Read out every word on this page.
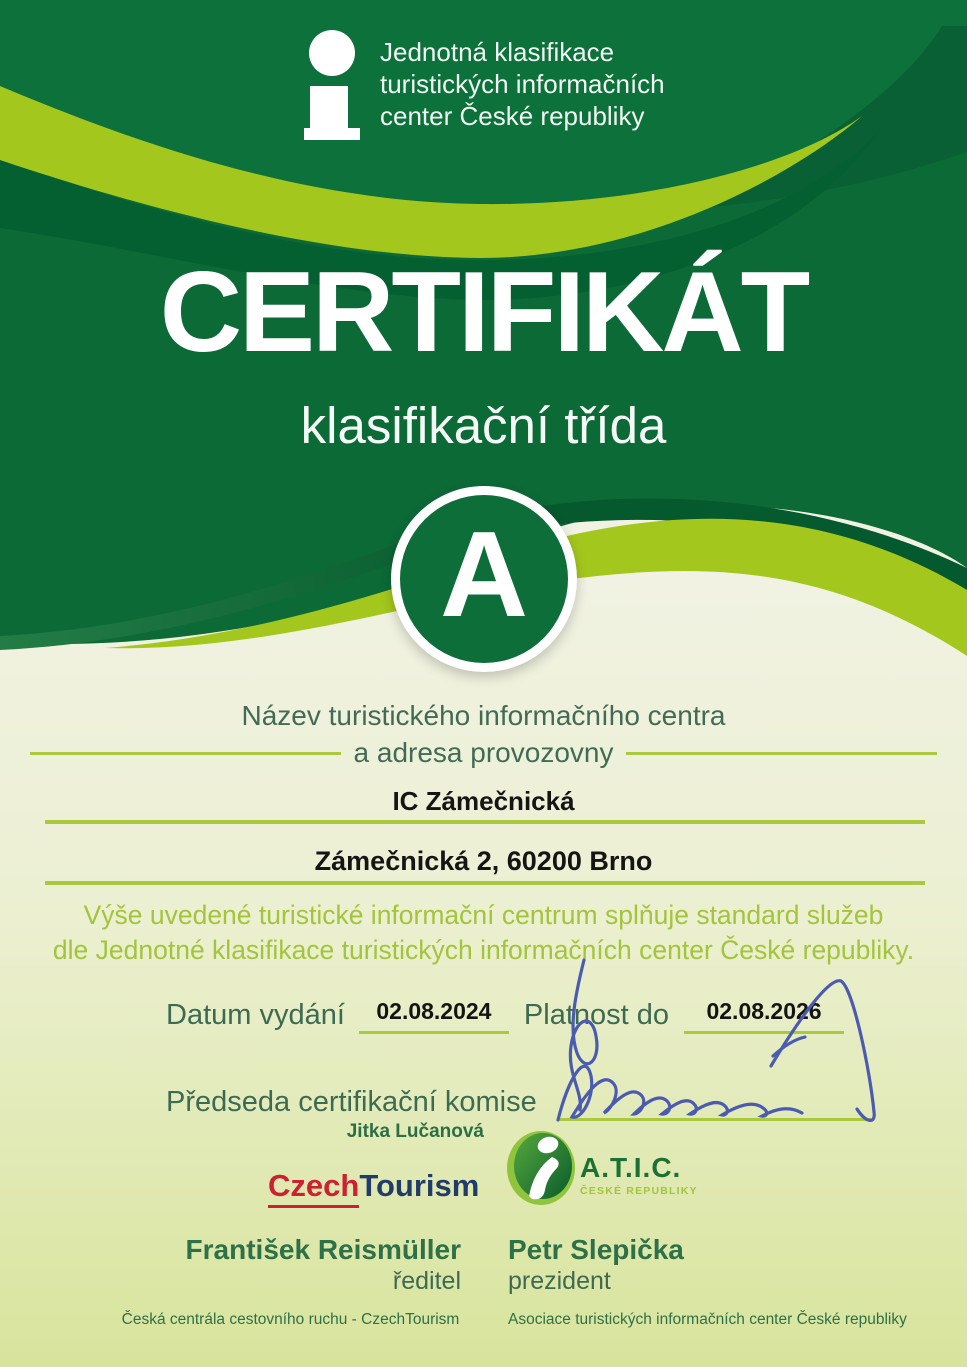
Jednotná klasifikace
turistických informačních
center České republiky
CERTIFIKÁT
klasifikační třída
A
Název turistického informačního centra
a adresa provozovny
IC Zámečnická
Zámečnická 2, 60200 Brno
Výše uvedené turistické informační centrum splňuje standard služeb
dle Jednotné klasifikace turistických informačních center České republiky.
Datum vydání	02.08.2024	Platnost do	02.08.2026
Předseda certifikační komise
Jitka Lučanová
CzechTourism
A.T.I.C.
ČESKÉ REPUBLIKY
František Reismüller
ředitel
Česká centrála cestovního ruchu - CzechTourism
Petr Slepička
prezident
Asociace turistických informačních center České republiky
